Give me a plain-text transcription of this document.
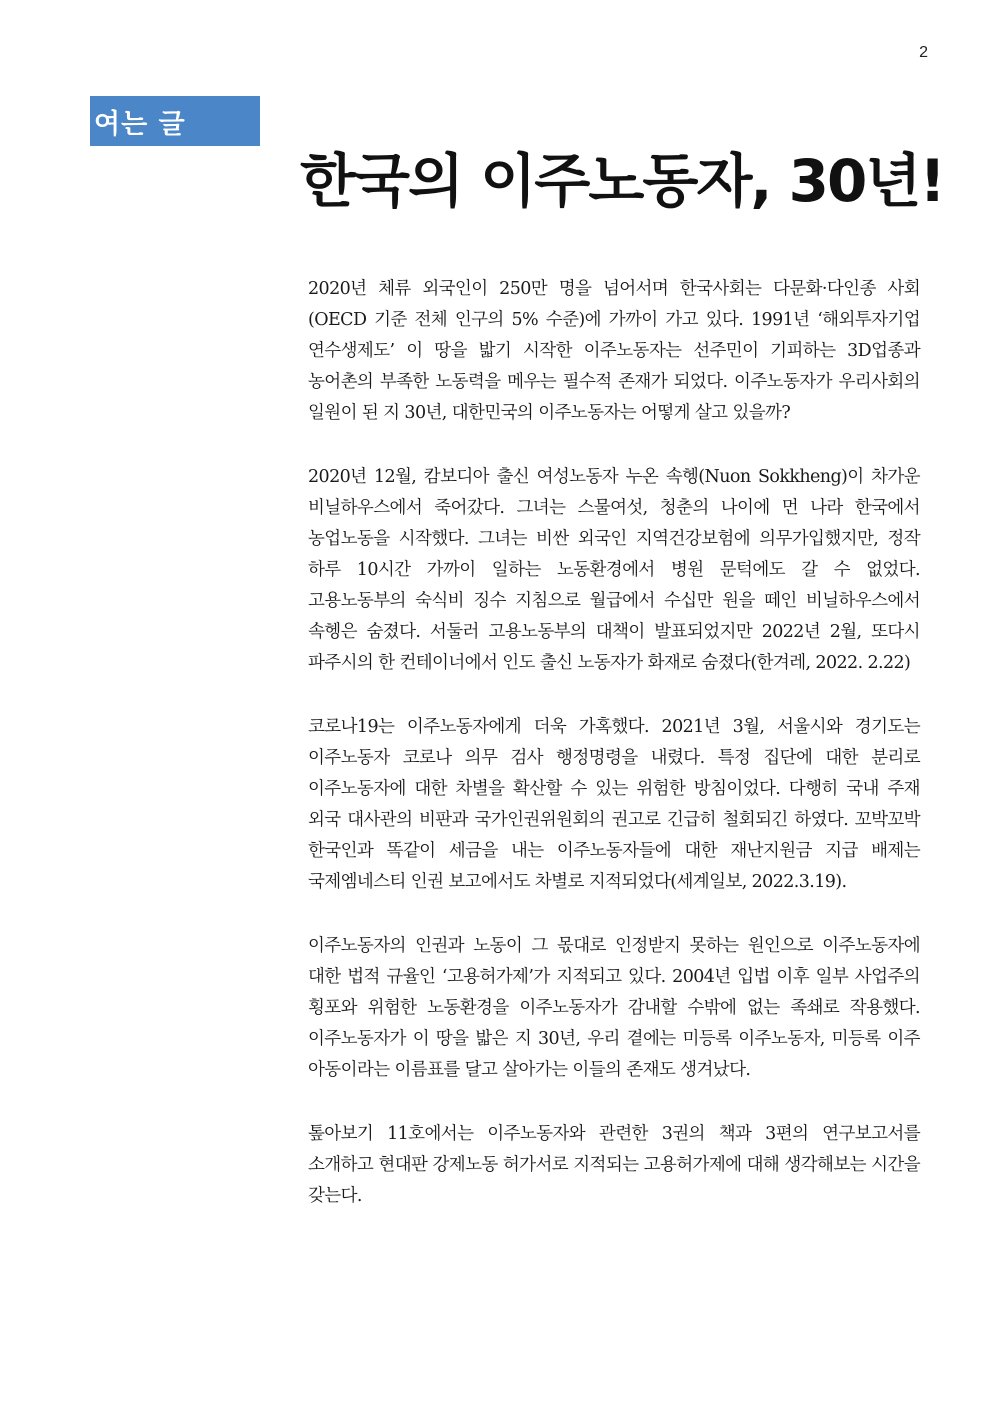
2
여는 글
한국의 이주노동자, 30년!

2020년 체류 외국인이 250만 명을 넘어서며 한국사회는 다문화·다인종 사회(OECD 기준 전체 인구의 5% 수준)에 가까이 가고 있다. 1991년 ‘해외투자기업 연수생제도’ 이 땅을 밟기 시작한 이주노동자는 선주민이 기피하는 3D업종과 농어촌의 부족한 노동력을 메우는 필수적 존재가 되었다. 이주노동자가 우리사회의 일원이 된 지 30년, 대한민국의 이주노동자는 어떻게 살고 있을까?

2020년 12월, 캄보디아 출신 여성노동자 누온 속헹(Nuon Sokkheng)이 차가운 비닐하우스에서 죽어갔다. 그녀는 스물여섯, 청춘의 나이에 먼 나라 한국에서 농업노동을 시작했다. 그녀는 비싼 외국인 지역건강보험에 의무가입했지만, 정작 하루 10시간 가까이 일하는 노동환경에서 병원 문턱에도 갈 수 없었다. 고용노동부의 숙식비 징수 지침으로 월급에서 수십만 원을 떼인 비닐하우스에서 속헹은 숨졌다. 서둘러 고용노동부의 대책이 발표되었지만 2022년 2월, 또다시 파주시의 한 컨테이너에서 인도 출신 노동자가 화재로 숨졌다(한겨레, 2022. 2.22)

코로나19는 이주노동자에게 더욱 가혹했다. 2021년 3월, 서울시와 경기도는 이주노동자 코로나 의무 검사 행정명령을 내렸다. 특정 집단에 대한 분리로 이주노동자에 대한 차별을 확산할 수 있는 위험한 방침이었다. 다행히 국내 주재 외국 대사관의 비판과 국가인권위원회의 권고로 긴급히 철회되긴 하였다. 꼬박꼬박 한국인과 똑같이 세금을 내는 이주노동자들에 대한 재난지원금 지급 배제는 국제엠네스티 인권 보고에서도 차별로 지적되었다(세계일보, 2022.3.19).

이주노동자의 인권과 노동이 그 몫대로 인정받지 못하는 원인으로 이주노동자에 대한 법적 규율인 ‘고용허가제’가 지적되고 있다. 2004년 입법 이후 일부 사업주의 횡포와 위험한 노동환경을 이주노동자가 감내할 수밖에 없는 족쇄로 작용했다. 이주노동자가 이 땅을 밟은 지 30년, 우리 곁에는 미등록 이주노동자, 미등록 이주 아동이라는 이름표를 달고 살아가는 이들의 존재도 생겨났다.

톺아보기 11호에서는 이주노동자와 관련한 3권의 책과 3편의 연구보고서를 소개하고 현대판 강제노동 허가서로 지적되는 고용허가제에 대해 생각해보는 시간을 갖는다.
